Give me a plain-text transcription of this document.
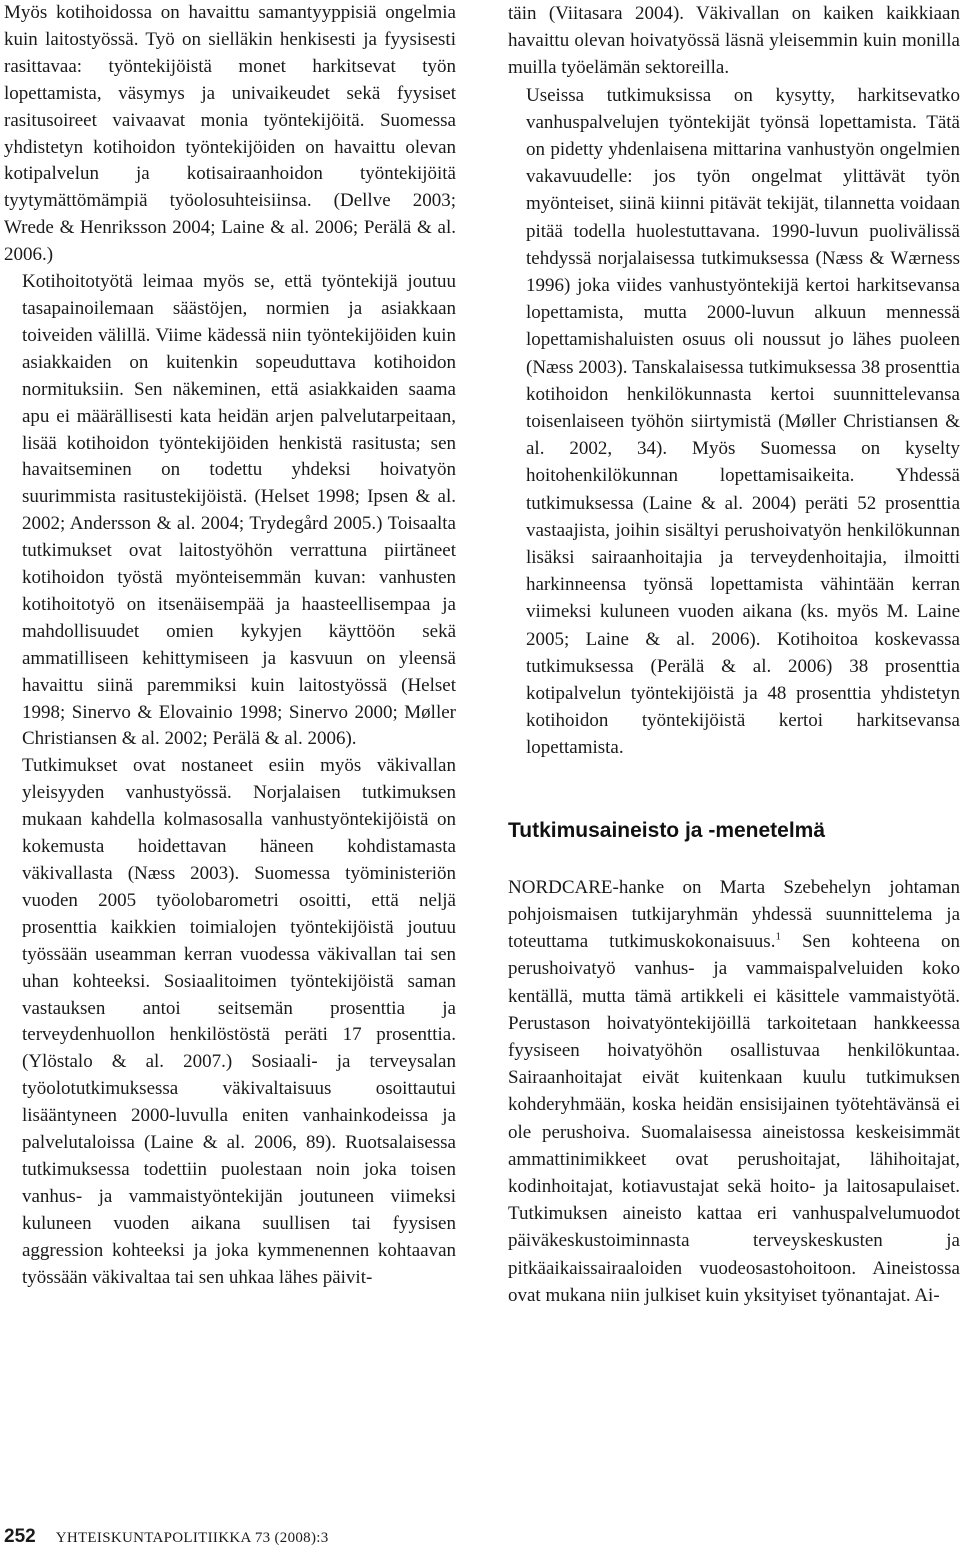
Myös kotihoidossa on havaittu samantyyppisiä ongelmia kuin laitostyössä. Työ on sielläkin henkisesti ja fyysisesti rasittavaa: työntekijöistä monet harkitsevat työn lopettamista, väsymys ja univaikeudet sekä fyysiset rasitusoireet vaivaavat monia työntekijöitä. Suomessa yhdistetyn kotihoidon työntekijöiden on havaittu olevan kotipalvelun ja kotisairaanhoidon työntekijöitä tyytymättömämpiä työolosuhteisiinsa. (Dellve 2003; Wrede & Henriksson 2004; Laine & al. 2006; Perälä & al. 2006.)

Kotihoitotyötä leimaa myös se, että työntekijä joutuu tasapainoilemaan säästöjen, normien ja asiakkaan toiveiden välillä. Viime kädessä niin työntekijöiden kuin asiakkaiden on kuitenkin sopeuduttava kotihoidon normituksiin. Sen näkeminen, että asiakkaiden saama apu ei määrällisesti kata heidän arjen palvelutarpeitaan, lisää kotihoidon työntekijöiden henkistä rasitusta; sen havaitseminen on todettu yhdeksi hoivatyön suurimmista rasitustekijöistä. (Helset 1998; Ipsen & al. 2002; Andersson & al. 2004; Trydegård 2005.) Toisaalta tutkimukset ovat laitostyöhön verrattuna piirtäneet kotihoidon työstä myönteisemmän kuvan: vanhusten kotihoitotyö on itsenäisempää ja haasteellisempaa ja mahdollisuudet omien kykyjen käyttöön sekä ammatilliseen kehittymiseen ja kasvuun on yleensä havaittu siinä paremmiksi kuin laitostyössä (Helset 1998; Sinervo & Elovainio 1998; Sinervo 2000; Møller Christiansen & al. 2002; Perälä & al. 2006).

Tutkimukset ovat nostaneet esiin myös väkivallan yleisyyden vanhustyössä. Norjalaisen tutkimuksen mukaan kahdella kolmasosalla vanhustyöntekijöistä on kokemusta hoidettavan häneen kohdistamasta väkivallasta (Næss 2003). Suomessa työministeriön vuoden 2005 työolobarometri osoitti, että neljä prosenttia kaikkien toimialojen työntekijöistä joutuu työssään useamman kerran vuodessa väkivallan tai sen uhan kohteeksi. Sosiaalitoimen työntekijöistä saman vastauksen antoi seitsemän prosenttia ja terveydenhuollon henkilöstöstä peräti 17 prosenttia. (Ylöstalo & al. 2007.) Sosiaali- ja terveysalan työolotutkimuksessa väkivaltaisuus osoittautui lisääntyneen 2000-luvulla eniten vanhainkodeissa ja palvelutaloissa (Laine & al. 2006, 89). Ruotsalaisessa tutkimuksessa todettiin puolestaan noin joka toisen vanhus- ja vammaistyöntekijän joutuneen viimeksi kuluneen vuoden aikana suullisen tai fyysisen aggression kohteeksi ja joka kymmenennen kohtaavan työssään väkivaltaa tai sen uhkaa lähes päivit-

täin (Viitasara 2004). Väkivallan on kaiken kaikkiaan havaittu olevan hoivatyössä läsnä yleisemmin kuin monilla muilla työelämän sektoreilla.

Useissa tutkimuksissa on kysytty, harkitsevatko vanhuspalvelujen työntekijät työnsä lopettamista. Tätä on pidetty yhdenlaisena mittarina vanhustyön ongelmien vakavuudelle: jos työn ongelmat ylittävät työn myönteiset, siinä kiinni pitävät tekijät, tilannetta voidaan pitää todella huolestuttavana. 1990-luvun puolivälissä tehdyssä norjalaisessa tutkimuksessa (Næss & Wærness 1996) joka viides vanhustyöntekijä kertoi harkitsevansa lopettamista, mutta 2000-luvun alkuun mennessä lopettamishaluisten osuus oli noussut jo lähes puoleen (Næss 2003). Tanskalaisessa tutkimuksessa 38 prosenttia kotihoidon henkilökunnasta kertoi suunnittelevansa toisenlaiseen työhön siirtymistä (Møller Christiansen & al. 2002, 34). Myös Suomessa on kyselty hoitohenkilökunnan lopettamisaikeita. Yhdessä tutkimuksessa (Laine & al. 2004) peräti 52 prosenttia vastaajista, joihin sisältyi perushoivatyön henkilökunnan lisäksi sairaanhoitajia ja terveydenhoitajia, ilmoitti harkinneensa työnsä lopettamista vähintään kerran viimeksi kuluneen vuoden aikana (ks. myös M. Laine 2005; Laine & al. 2006). Kotihoitoa koskevassa tutkimuksessa (Perälä & al. 2006) 38 prosenttia kotipalvelun työntekijöistä ja 48 prosenttia yhdistetyn kotihoidon työntekijöistä kertoi harkitsevansa lopettamista.

Tutkimusaineisto ja -menetelmä

NORDCARE-hanke on Marta Szebehelyn johtaman pohjoismaisen tutkijaryhmän yhdessä suunnittelema ja toteuttama tutkimuskokonaisuus.$^1$ Sen kohteena on perushoivatyö vanhus- ja vammaispalveluiden koko kentällä, mutta tämä artikkeli ei käsittele vammaistyötä. Perustason hoivatyöntekijöillä tarkoitetaan hankkeessa fyysiseen hoivatyöhön osallistuvaa henkilökuntaa. Sairaanhoitajat eivät kuitenkaan kuulu tutkimuksen kohderyhmään, koska heidän ensisijainen työtehtävänsä ei ole perushoiva. Suomalaisessa aineistossa keskeisimmät ammattinimikkeet ovat perushoitajat, lähihoitajat, kodinhoitajat, kotiavustajat sekä hoito- ja laitosapulaiset. Tutkimuksen aineisto kattaa eri vanhuspalvelumuodot päiväkeskustoiminnasta terveyskeskusten ja pitkäaikaissairaaloiden vuodeosastohoitoon. Aineistossa ovat mukana niin julkiset kuin yksityiset työnantajat. Ai-

252 YHTEISKUNTAPOLITIIKKA 73 (2008):3
